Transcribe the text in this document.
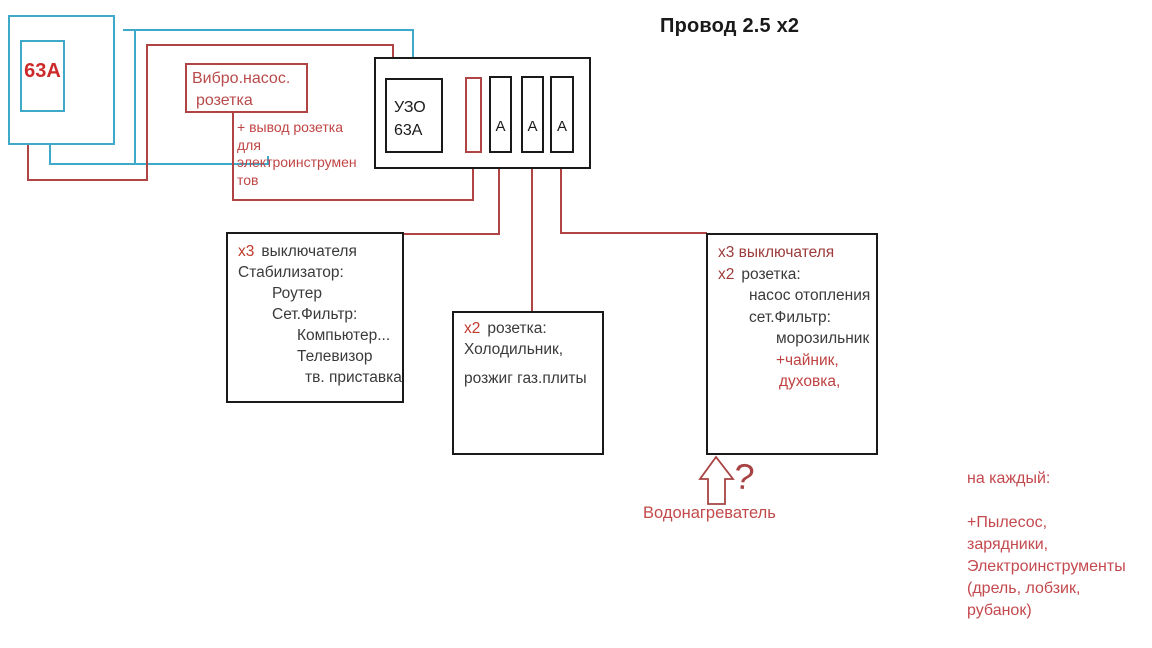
Провод 2.5 х2
63А	Вибро.насос.
розетка
+ вывод розетка
для
электроинструмен
тов
УЗО
63А	А	А	А
х3 выключателя
Стабилизатор:
Роутер
Сет.Фильтр:
Компьютер...
Телевизор
тв. приставка
х2 розетка:
Холодильник,
розжиг газ.плиты
х3 выключателя
х2 розетка:
насос отопления
сет.Фильтр:
морозильник
+чайник,
духовка,
?
Водонагреватель
на каждый:
+Пылесос,
зарядники,
Электроинструменты
(дрель, лобзик,
рубанок)
